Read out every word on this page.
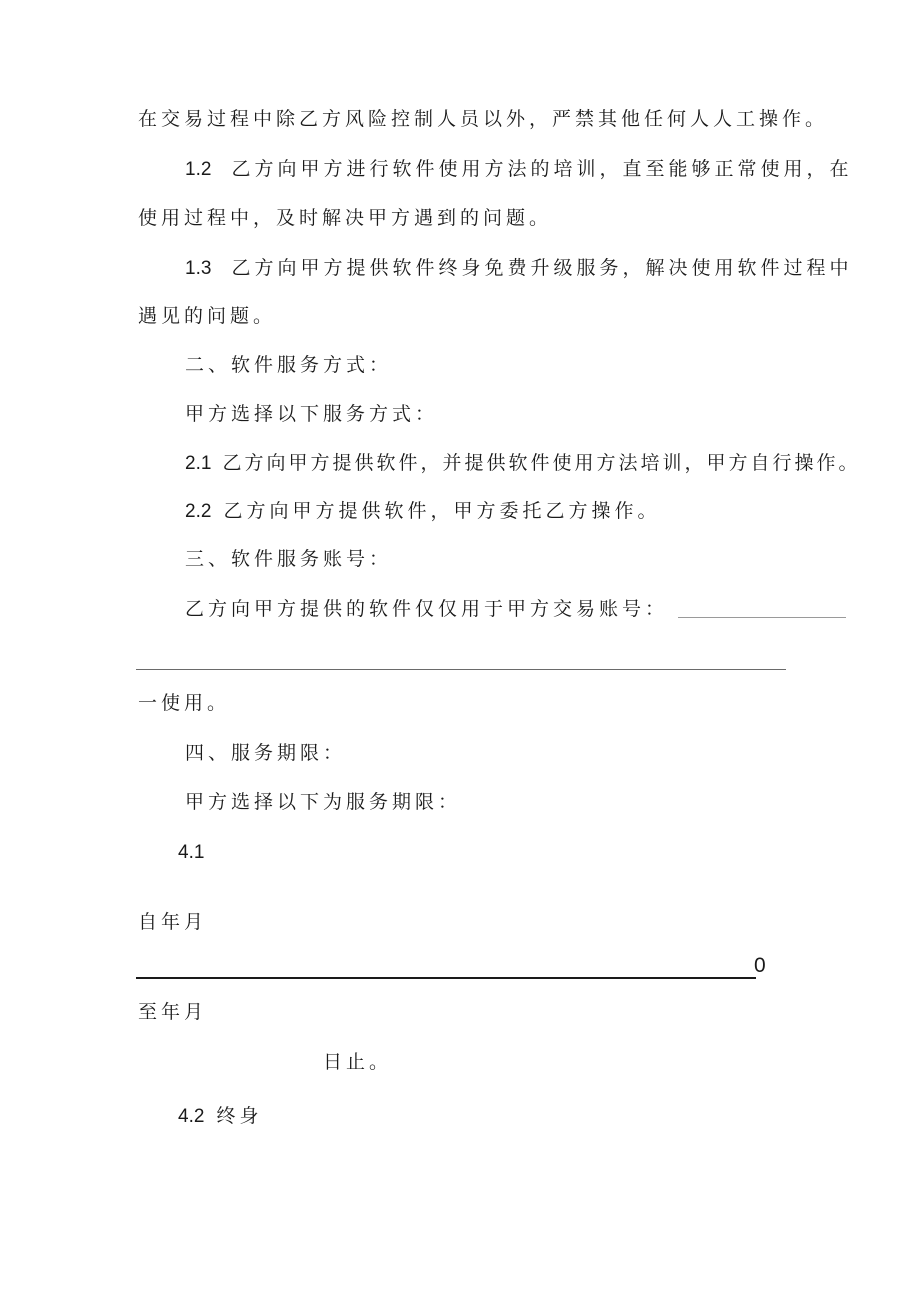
在交易过程中除乙方风险控制人员以外，严禁其他任何人人工操作。
1.2 乙方向甲方进行软件使用方法的培训，直至能够正常使用，在
使用过程中，及时解决甲方遇到的问题。
1.3 乙方向甲方提供软件终身免费升级服务，解决使用软件过程中
遇见的问题。
二、软件服务方式：
甲方选择以下服务方式：
2.1 乙方向甲方提供软件，并提供软件使用方法培训，甲方自行操作。
2.2 乙方向甲方提供软件，甲方委托乙方操作。
三、软件服务账号：
乙方向甲方提供的软件仅仅用于甲方交易账号：
一使用。
四、服务期限：
甲方选择以下为服务期限：
4.1
自年月
0
至年月
日止。
4.2 终身
